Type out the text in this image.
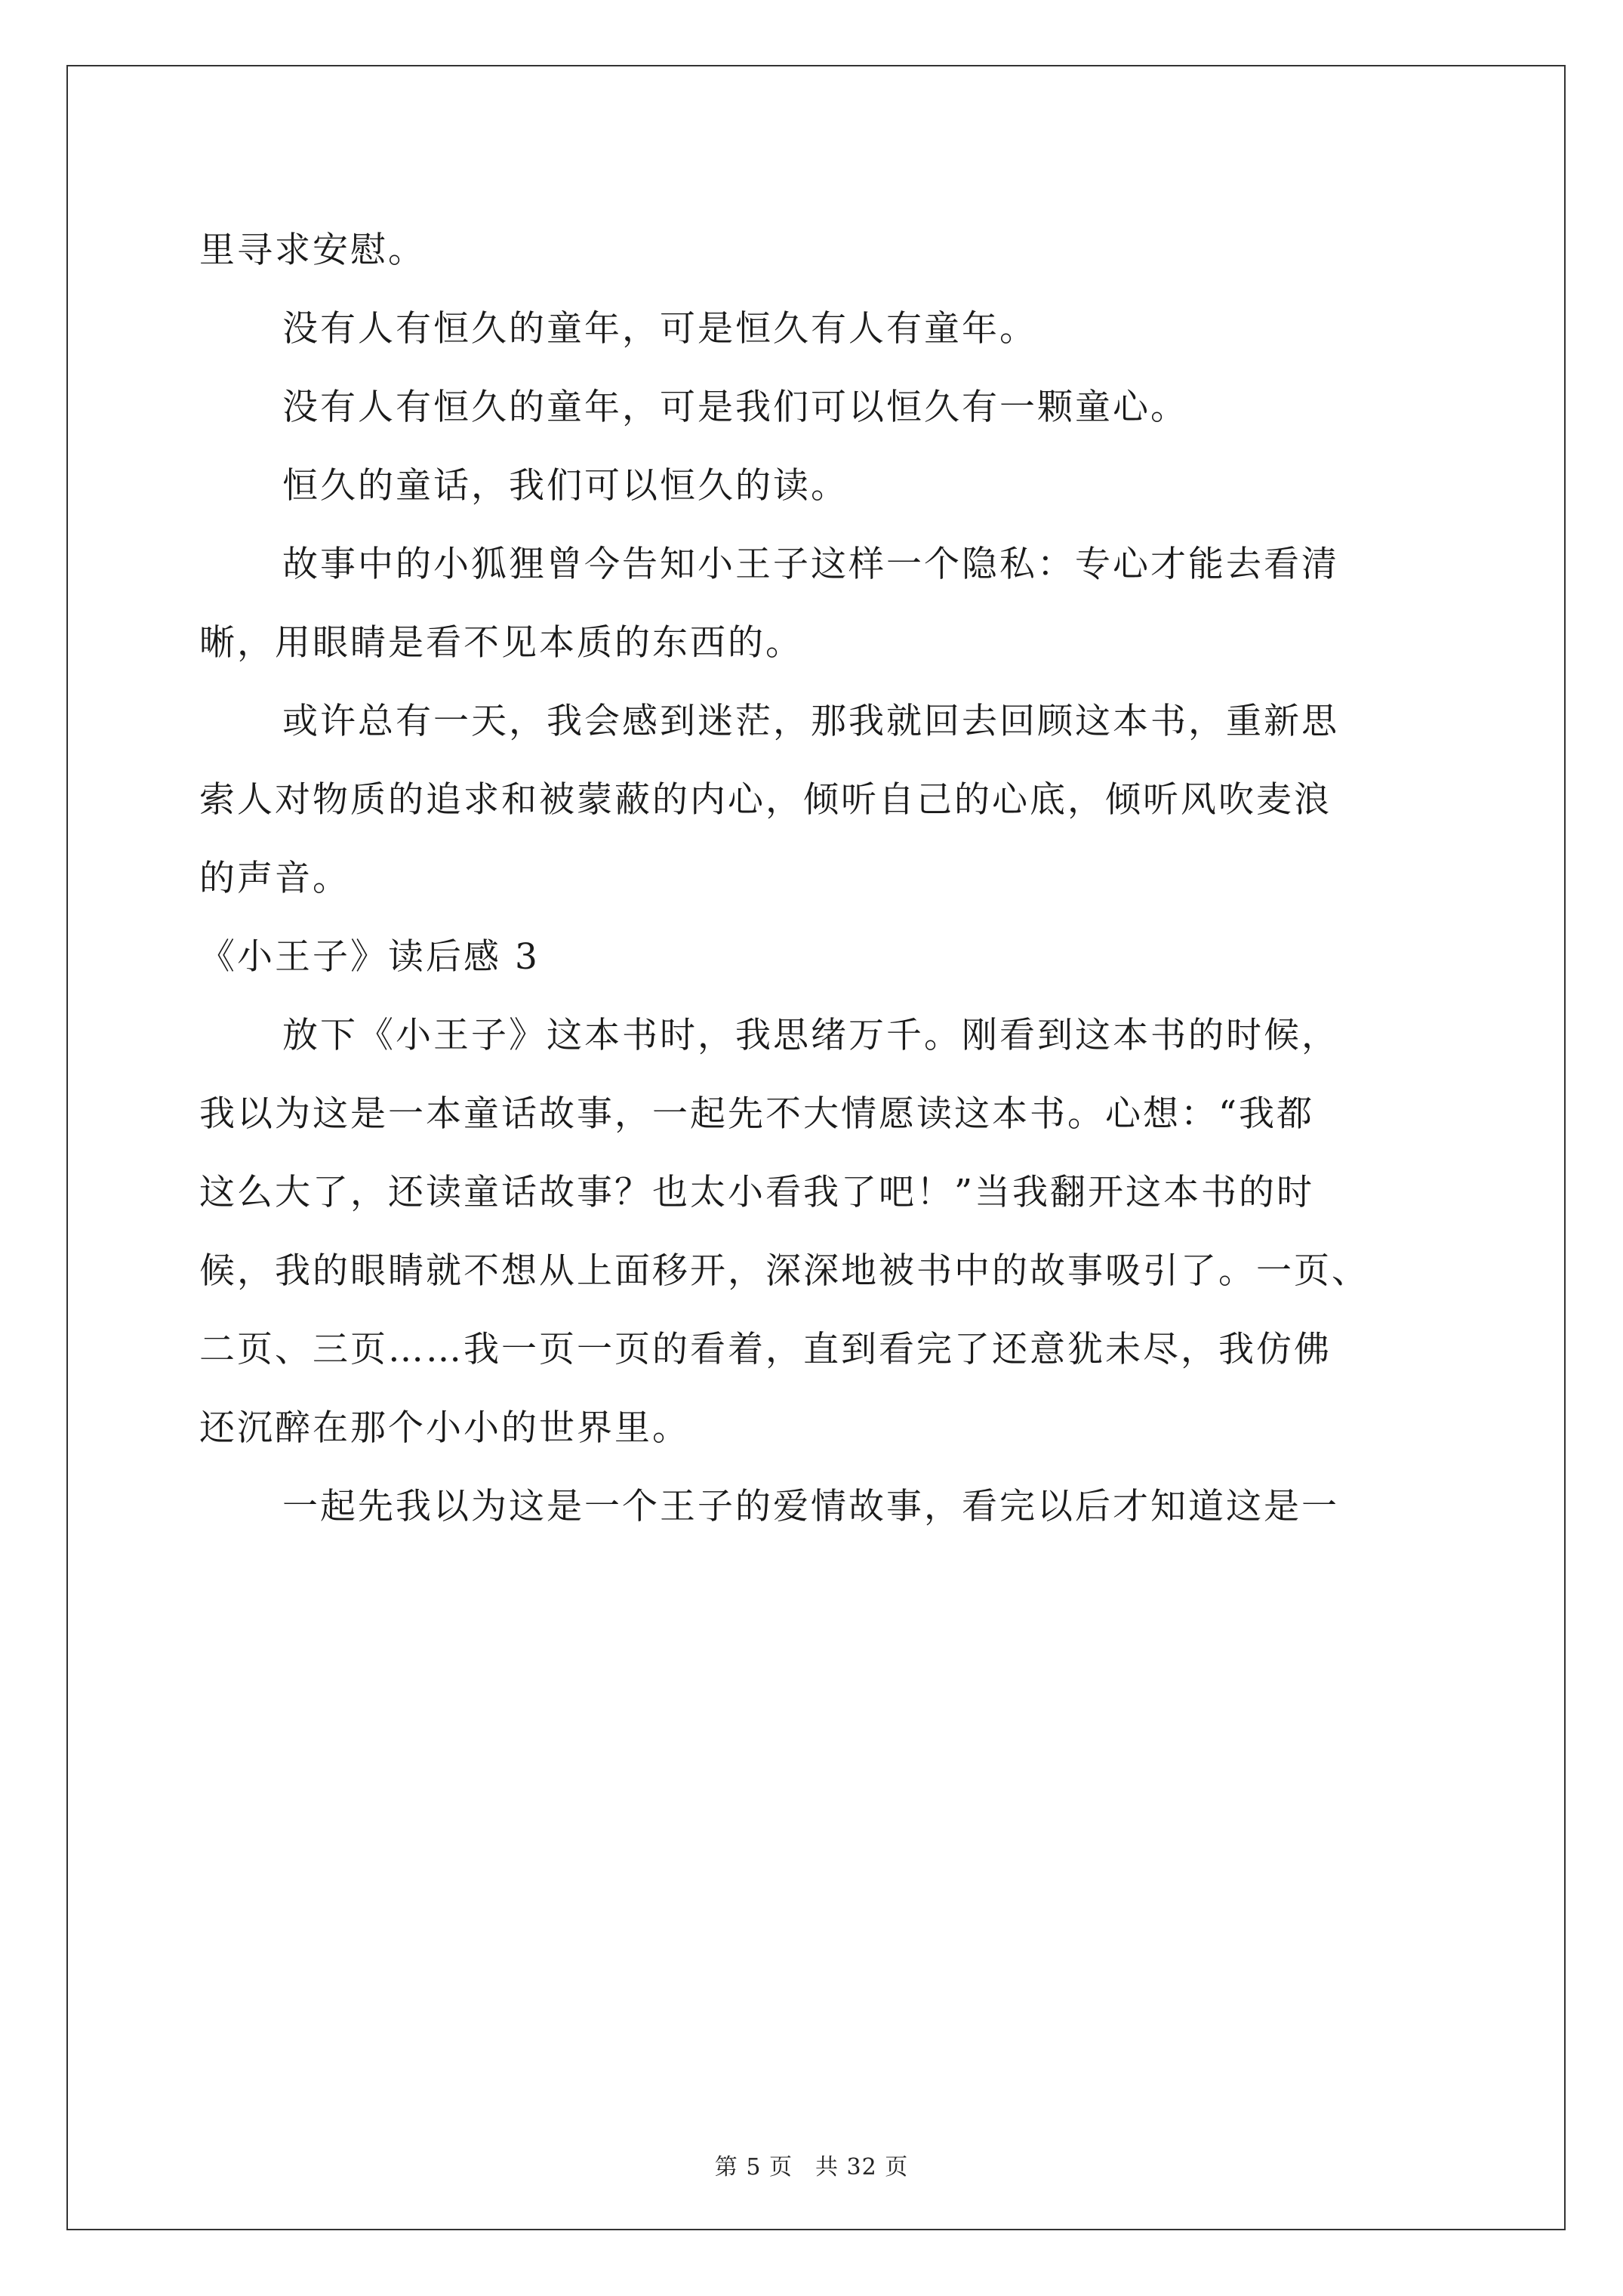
里寻求安慰。
没有人有恒久的童年，可是恒久有人有童年。
没有人有恒久的童年，可是我们可以恒久有一颗童心。
恒久的童话，我们可以恒久的读。
故事中的小狐狸曾今告知小王子这样一个隐私：专心才能去看清
晰，用眼睛是看不见本质的东西的。
或许总有一天，我会感到迷茫，那我就回去回顾这本书，重新思
索人对物质的追求和被蒙蔽的内心，倾听自己的心底，倾听风吹麦浪
的声音。
《小王子》读后感 3
放下《小王子》这本书时，我思绪万千。刚看到这本书的时候，
我以为这是一本童话故事，一起先不大情愿读这本书。心想：“我都
这么大了，还读童话故事？也太小看我了吧！”当我翻开这本书的时
候，我的眼睛就不想从上面移开，深深地被书中的故事吸引了。一页、
二页、三页……我一页一页的看着，直到看完了还意犹未尽，我仿佛
还沉醉在那个小小的世界里。
一起先我以为这是一个王子的爱情故事，看完以后才知道这是一
第 5 页 共 32 页
